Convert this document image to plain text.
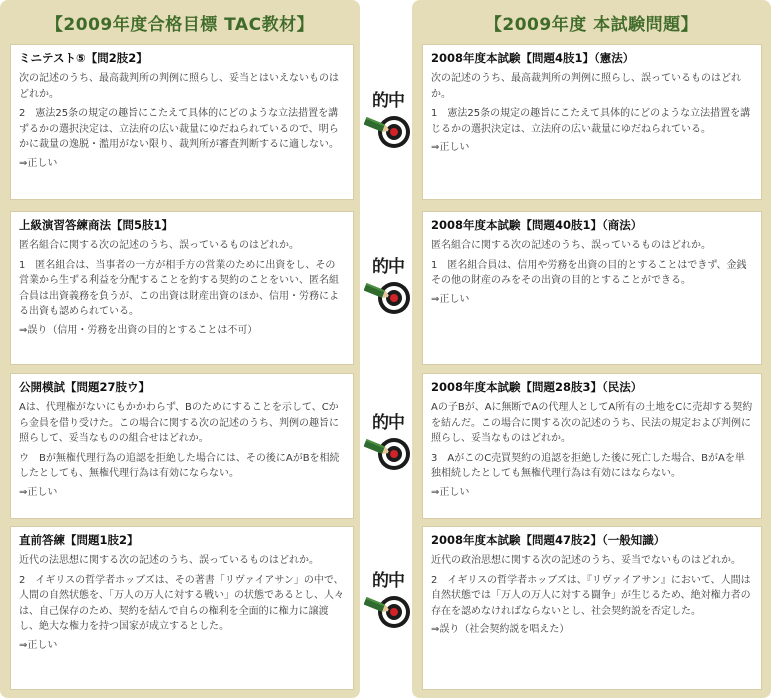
【2009年度合格目標 TAC教材】
ミニテスト⑤【問2肢2】
次の記述のうち、最高裁判所の判例に照らし、妥当とはいえないものはどれか。
2　憲法25条の規定の趣旨にこたえて具体的にどのような立法措置を講ずるかの選択決定は、立法府の広い裁量にゆだねられているので、明らかに裁量の逸脱・濫用がない限り、裁判所が審査判断するに適しない。
⇒正しい
上級演習答練商法【問5肢1】
匿名組合に関する次の記述のうち、誤っているものはどれか。
1　匿名組合は、当事者の一方が相手方の営業のために出資をし、その営業から生ずる利益を分配することを約する契約のことをいい、匿名組合員は出資義務を負うが、この出資は財産出資のほか、信用・労務による出資も認められている。
⇒誤り（信用・労務を出資の目的とすることは不可）
公開模試【問題27肢ウ】
Aは、代理権がないにもかかわらず、Bのためにすることを示して、Cから金員を借り受けた。この場合に関する次の記述のうち、判例の趣旨に照らして、妥当なものの組合せはどれか。
ウ　Bが無権代理行為の追認を拒絶した場合には、その後にAがBを相続したとしても、無権代理行為は有効にならない。
⇒正しい
直前答練【問題1肢2】
近代の法思想に関する次の記述のうち、誤っているものはどれか。
2　イギリスの哲学者ホッブズは、その著書「リヴァイアサン」の中で、人間の自然状態を、「万人の万人に対する戦い」の状態であるとし、人々は、自己保存のため、契約を結んで自らの権利を全面的に権力に譲渡し、絶大な権力を持つ国家が成立するとした。
⇒正しい
【2009年度 本試験問題】
2008年度本試験【問題4肢1】（憲法）
次の記述のうち、最高裁判所の判例に照らし、誤っているものはどれか。
1　憲法25条の規定の趣旨にこたえて具体的にどのような立法措置を講じるかの選択決定は、立法府の広い裁量にゆだねられている。
⇒正しい
2008年度本試験【問題40肢1】（商法）
匿名組合に関する次の記述のうち、誤っているものはどれか。
1　匿名組合員は、信用や労務を出資の目的とすることはできず、金銭その他の財産のみをその出資の目的とすることができる。
⇒正しい
2008年度本試験【問題28肢3】（民法）
Aの子Bが、Aに無断でAの代理人としてA所有の土地をCに売却する契約を結んだ。この場合に関する次の記述のうち、民法の規定および判例に照らし、妥当なものはどれか。
3　AがこのC売買契約の追認を拒絶した後に死亡した場合、BがAを単独相続したとしても無権代理行為は有効にはならない。
⇒正しい
2008年度本試験【問題47肢2】（一般知識）
近代の政治思想に関する次の記述のうち、妥当でないものはどれか。
2　イギリスの哲学者ホッブズは、『リヴァイアサン』において、人間は自然状態では「万人の万人に対する闘争」が生じるため、絶対権力者の存在を認めなければならないとし、社会契約説を否定した。
⇒誤り（社会契約説を唱えた）
的中
的中
的中
的中
